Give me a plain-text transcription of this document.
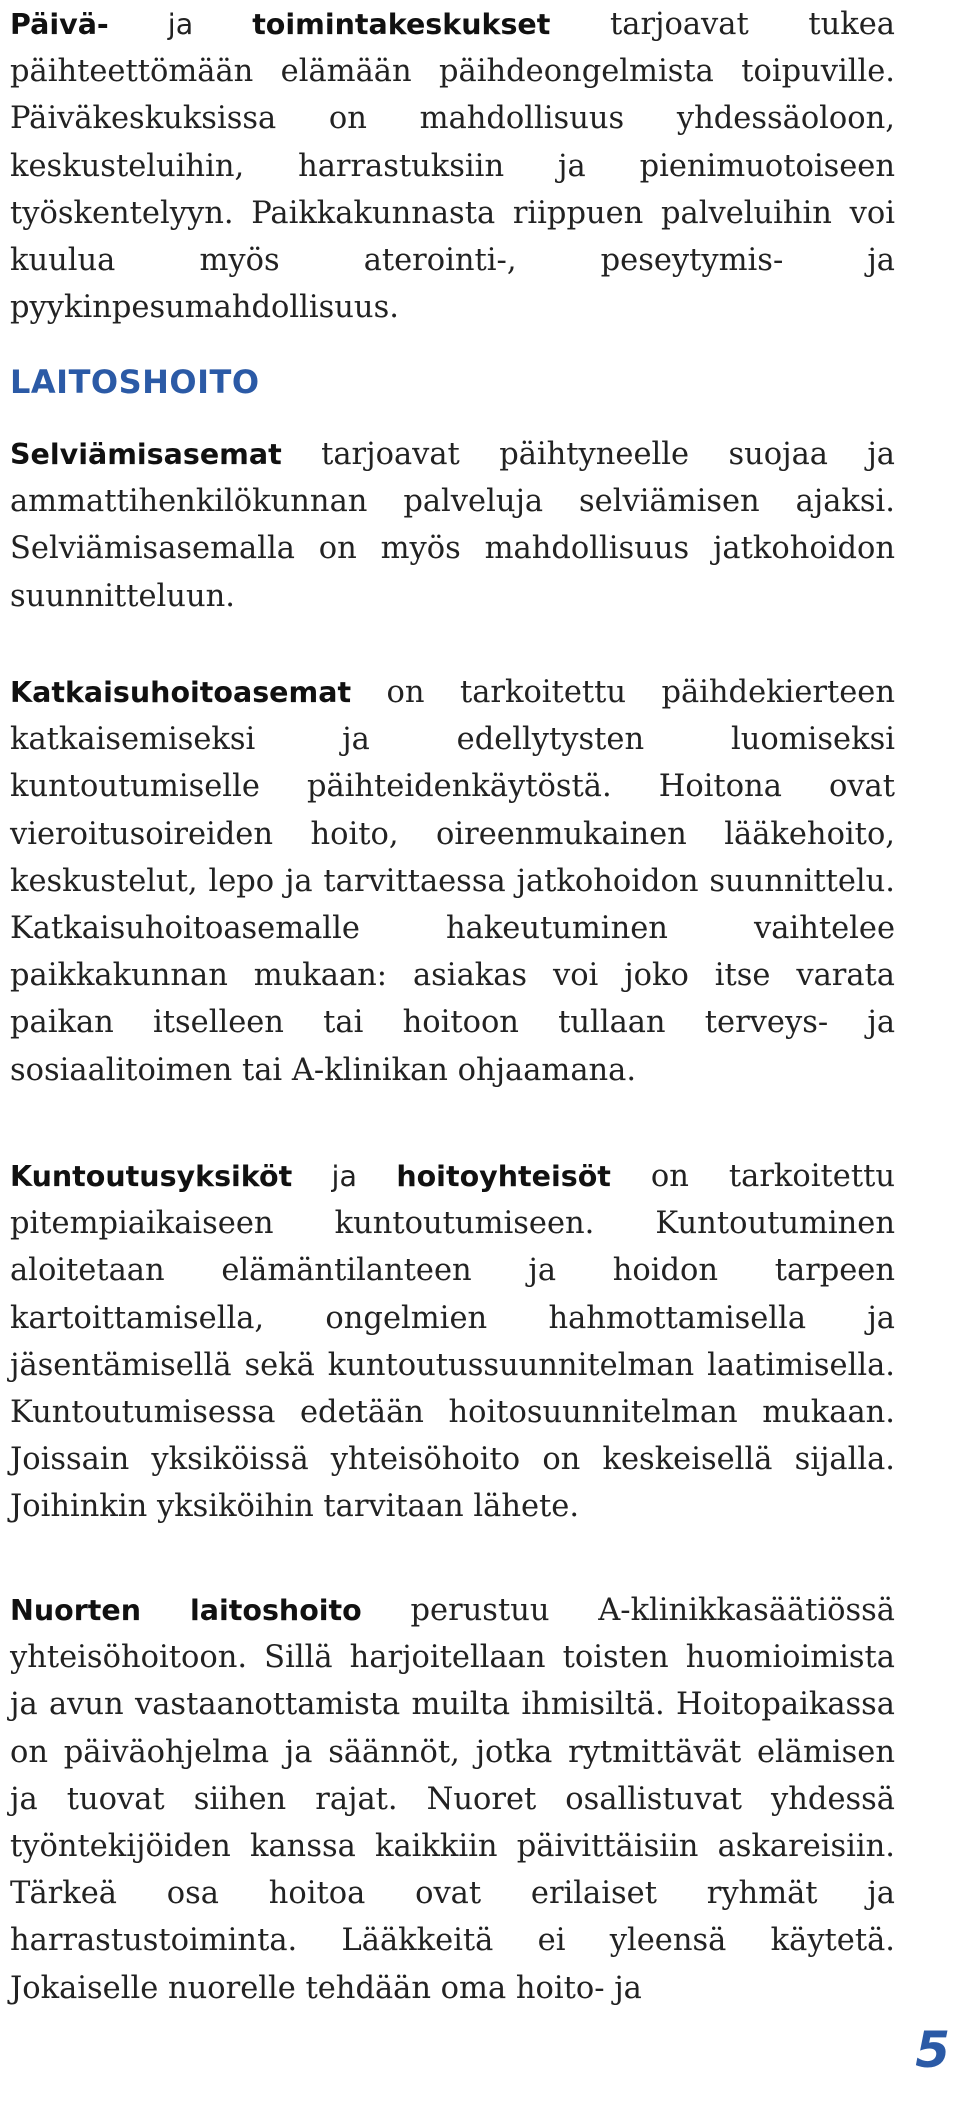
Päivä- ja toimintakeskukset tarjoavat tukea päihteettömään elämään päihdeongelmista toipuville. Päiväkeskuksissa on mahdollisuus yhdessäoloon, keskusteluihin, harrastuksiin ja pienimuotoiseen työskentelyyn. Paikkakunnasta riippuen palveluihin voi kuulua myös aterointi-, peseytymis- ja pyykinpesumahdollisuus.

LAITOSHOITO

Selviämisasemat tarjoavat päihtyneelle suojaa ja ammattihenkilökunnan palveluja selviämisen ajaksi. Selviämisasemalla on myös mahdollisuus jatkohoidon suunnitteluun.

Katkaisuhoitoasemat on tarkoitettu päihdekierteen katkaisemiseksi ja edellytysten luomiseksi kuntoutumiselle päihteidenkäytöstä. Hoitona ovat vieroitusoireiden hoito, oireenmukainen lääkehoito, keskustelut, lepo ja tarvittaessa jatkohoidon suunnittelu. Katkaisuhoitoasemalle hakeutuminen vaihtelee paikkakunnan mukaan: asiakas voi joko itse varata paikan itselleen tai hoitoon tullaan terveys- ja sosiaalitoimen tai A-klinikan ohjaamana.

Kuntoutusyksiköt ja hoitoyhteisöt on tarkoitettu pitempiaikaiseen kuntoutumiseen. Kuntoutuminen aloitetaan elämäntilanteen ja hoidon tarpeen kartoittamisella, ongelmien hahmottamisella ja jäsentämisellä sekä kuntoutussuunnitelman laatimisella. Kuntoutumisessa edetään hoitosuunnitelman mukaan. Joissain yksiköissä yhteisöhoito on keskeisellä sijalla. Joihinkin yksiköihin tarvitaan lähete.

Nuorten laitoshoito perustuu A-klinikkasäätiössä yhteisöhoitoon. Sillä harjoitellaan toisten huomioimista ja avun vastaanottamista muilta ihmisiltä. Hoitopaikassa on päiväohjelma ja säännöt, jotka rytmittävät elämisen ja tuovat siihen rajat. Nuoret osallistuvat yhdessä työntekijöiden kanssa kaikkiin päivittäisiin askareisiin. Tärkeä osa hoitoa ovat erilaiset ryhmät ja harrastustoiminta. Lääkkeitä ei yleensä käytetä. Jokaiselle nuorelle tehdään oma hoito- ja

5
